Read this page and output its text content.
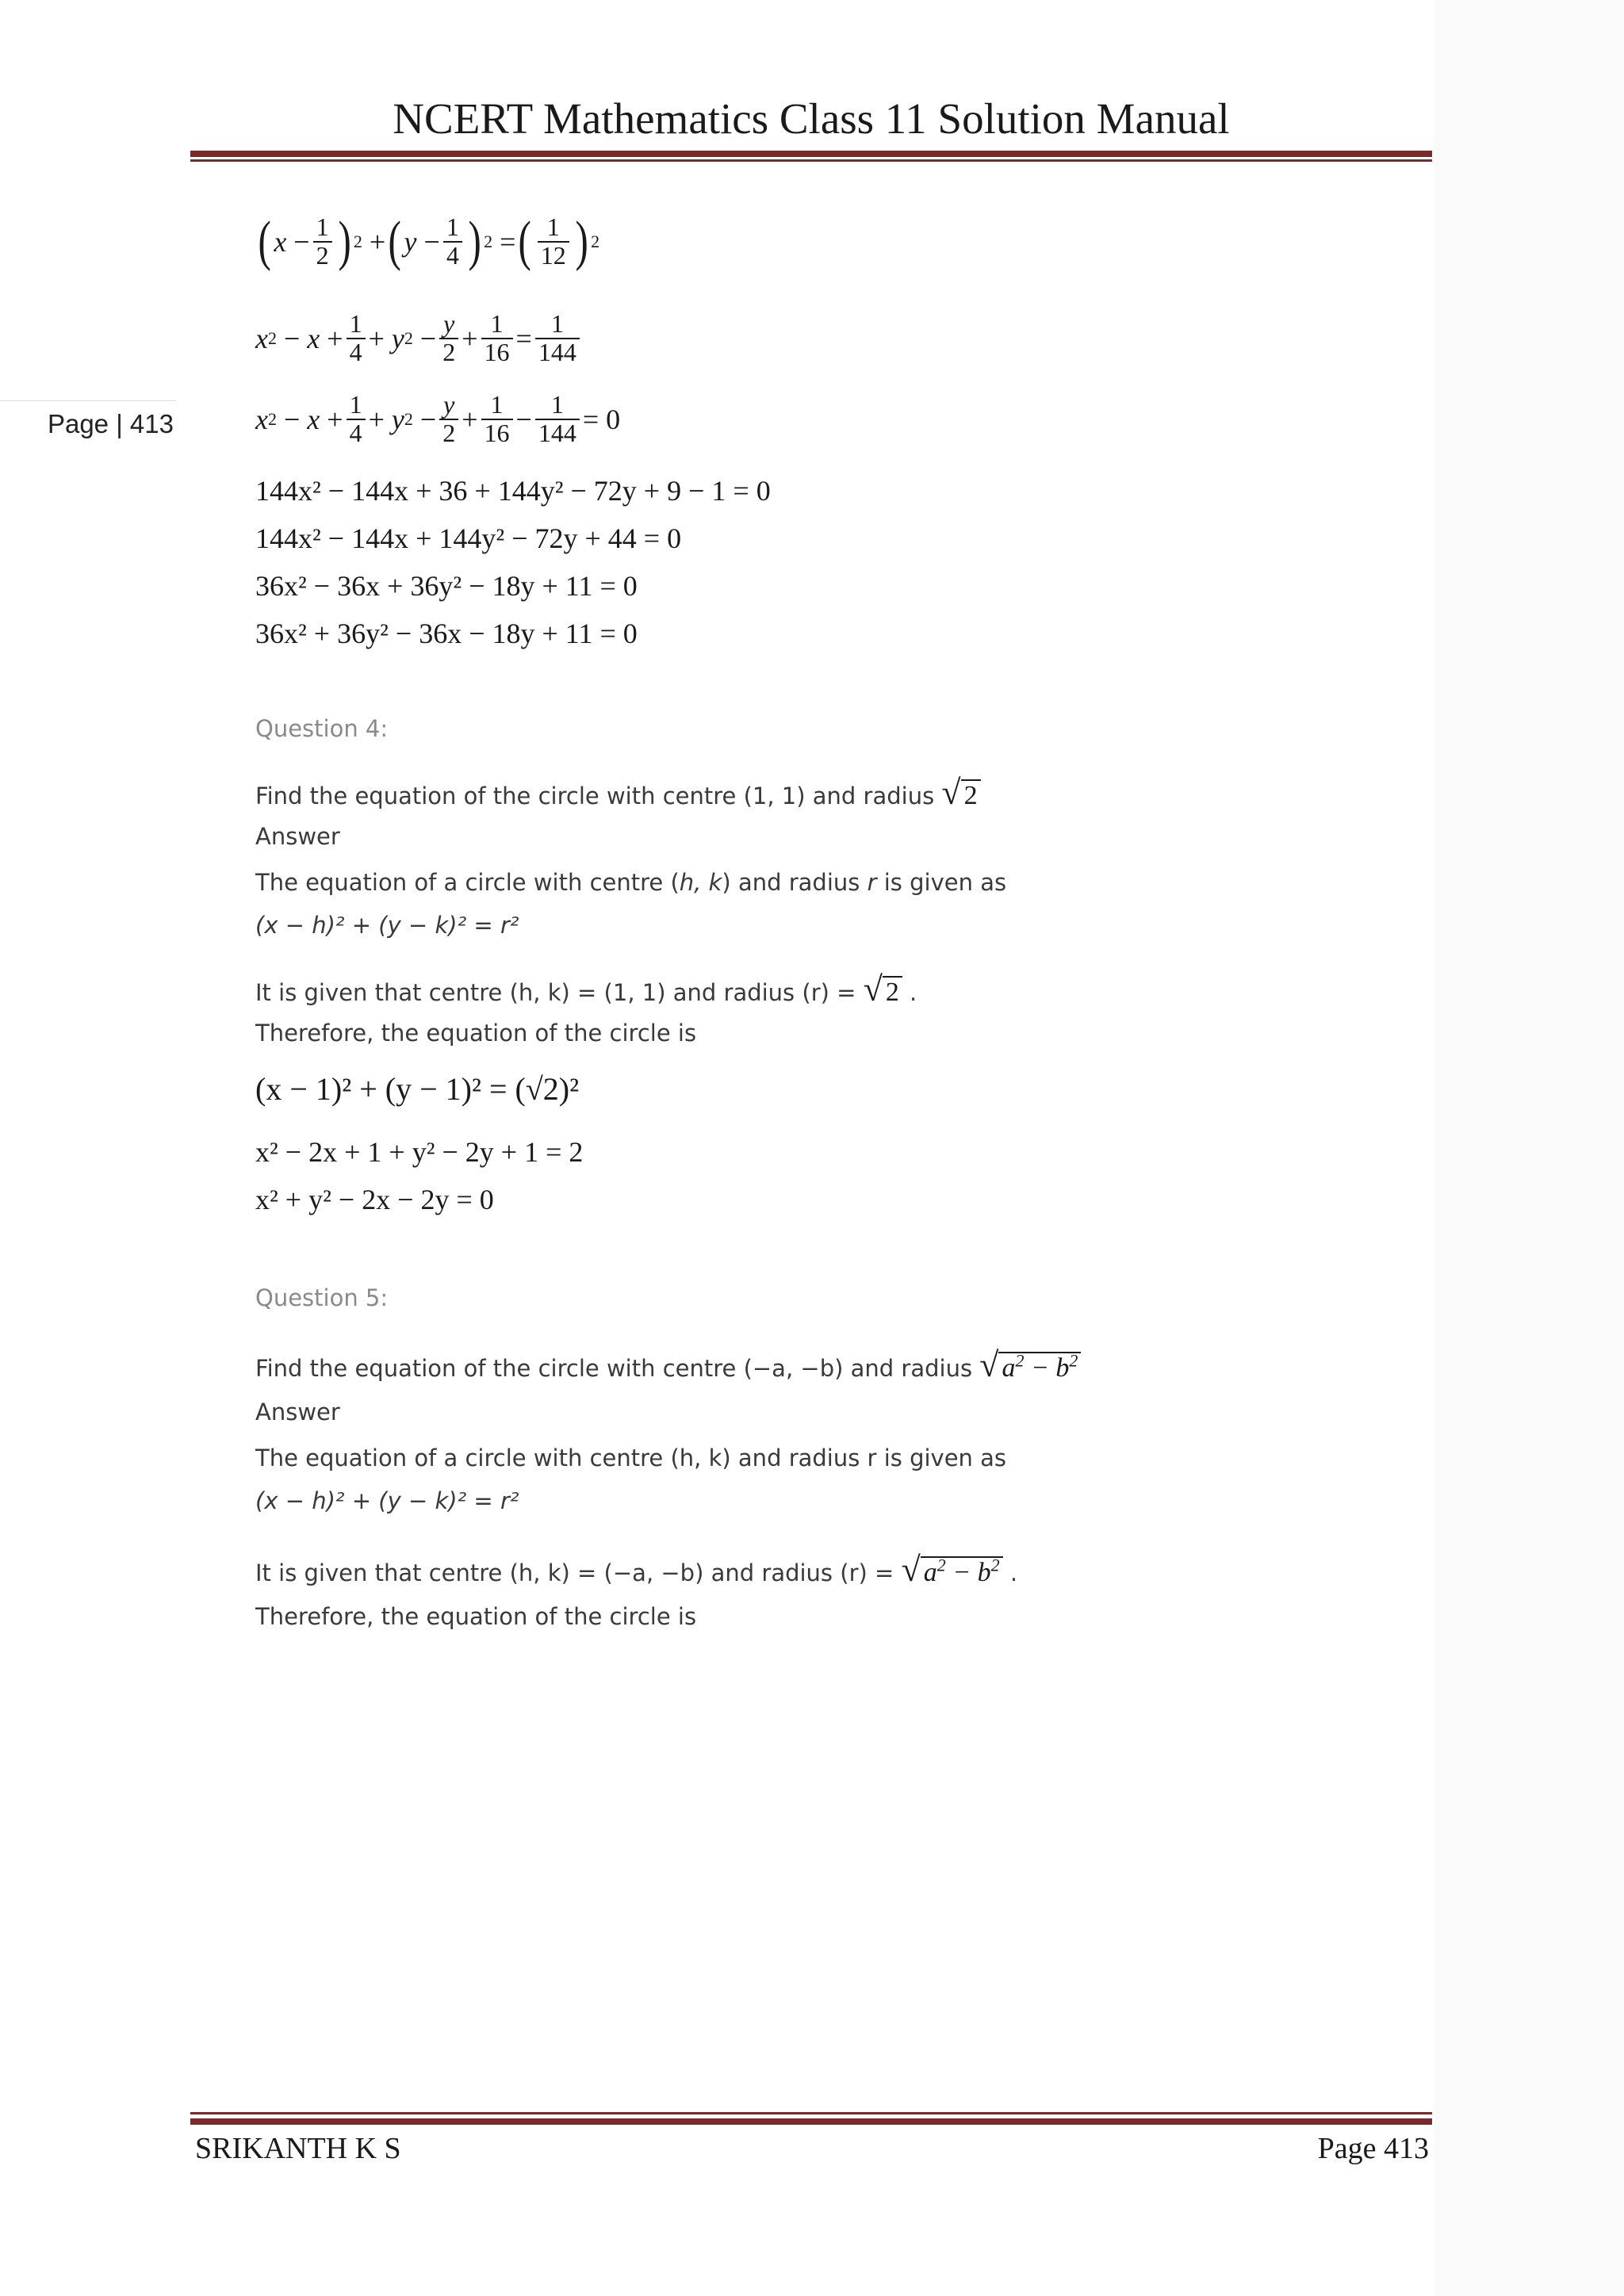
NCERT Mathematics Class 11 Solution Manual
Page | 413
( $x - \frac{1}{2}$ ) 2 + ( $y - \frac{1}{4}$ ) 2 = ( $\frac{1}{12}$ ) 2
x $2 - x + \frac{1}{4} + y$ $2 - \frac{y}{2} + \frac{1}{16} = \frac{1}{144}$
x $2 - x + \frac{1}{4} + y$ $2 - \frac{y}{2} + \frac{1}{16} - \frac{1}{144} = 0$
144x² − 144x + 36 + 144y² − 72y + 9 − 1 = 0
144x² − 144x + 144y² − 72y + 44 = 0
36x² − 36x + 36y² − 18y + 11 = 0
36x² + 36y² − 36x − 18y + 11 = 0
Question 4:
Find the equation of the circle with centre (1, 1) and radius √ 2
Answer
The equation of a circle with centre (h, k) and radius r is given as
(x − h)² + (y − k)² = r²
It is given that centre (h, k) = (1, 1) and radius (r) = √ 2 .
Therefore, the equation of the circle is
(x − 1)² + (y − 1)² = (√2)²
x² − 2x + 1 + y² − 2y + 1 = 2
x² + y² − 2x − 2y = 0
Question 5:
Find the equation of the circle with centre (−a, −b) and radius √ $a^2 - b^2$
Answer
The equation of a circle with centre (h, k) and radius r is given as
(x − h)² + (y − k)² = r²
It is given that centre (h, k) = (−a, −b) and radius (r) = √ $a^2 - b^2$ .
Therefore, the equation of the circle is
SRIKANTH K S	Page 413
